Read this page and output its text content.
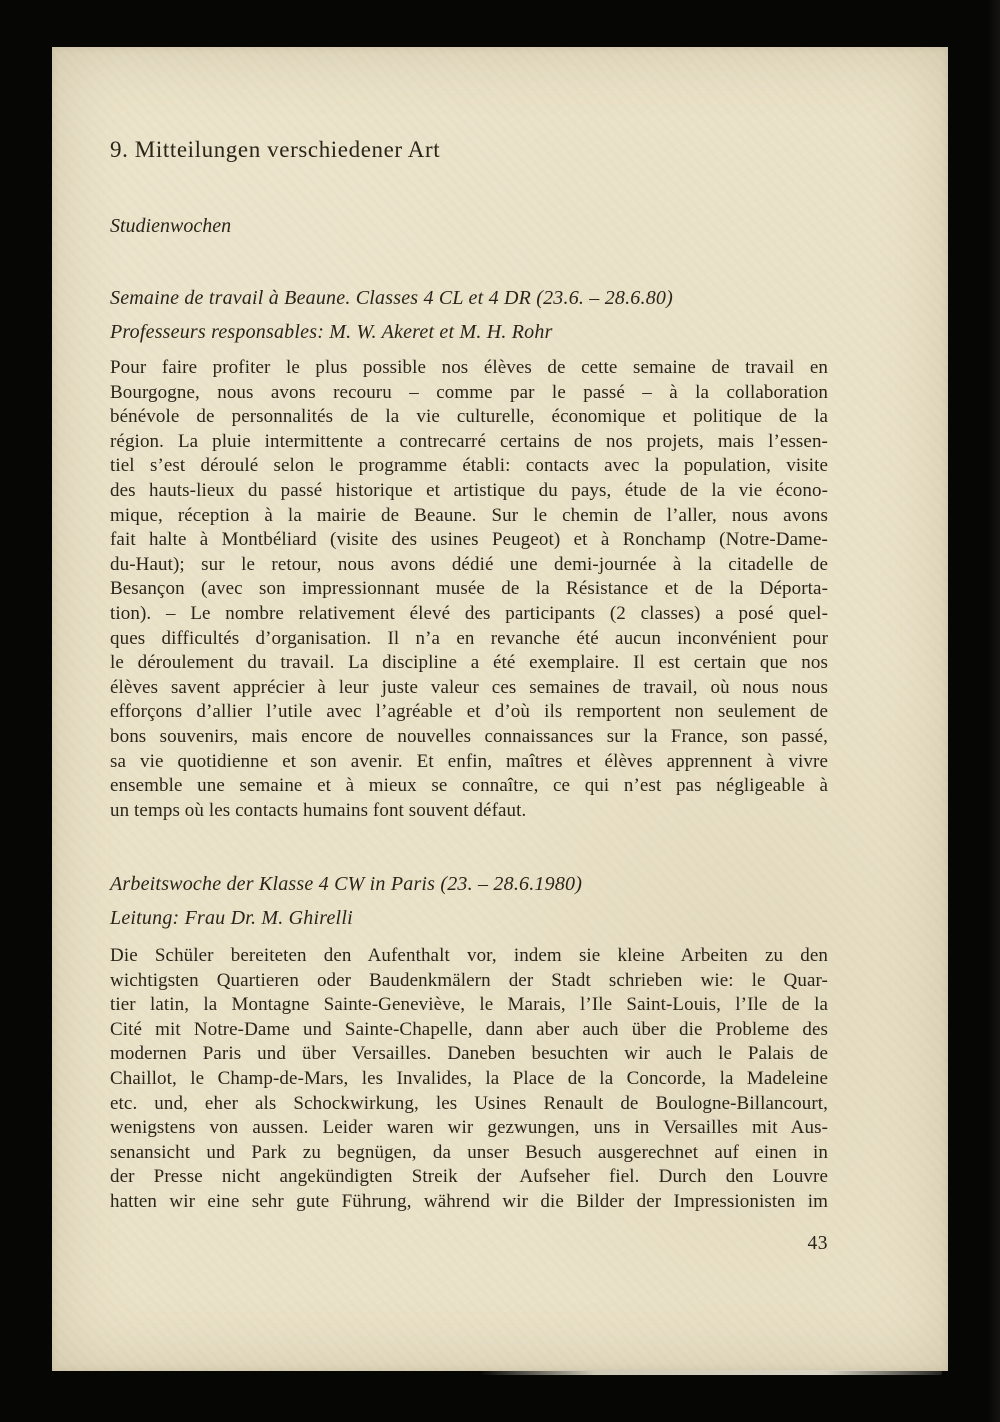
9. Mitteilungen verschiedener Art
Studienwochen
Semaine de travail à Beaune. Classes 4 CL et 4 DR (23.6. – 28.6.80)
Professeurs responsables: M. W. Akeret et M. H. Rohr
Pour faire profiter le plus possible nos élèves de cette semaine de travail en
Bourgogne, nous avons recouru – comme par le passé – à la collaboration
bénévole de personnalités de la vie culturelle, économique et politique de la
région. La pluie intermittente a contrecarré certains de nos projets, mais l’essen-
tiel s’est déroulé selon le programme établi: contacts avec la population, visite
des hauts-lieux du passé historique et artistique du pays, étude de la vie écono-
mique, réception à la mairie de Beaune. Sur le chemin de l’aller, nous avons
fait halte à Montbéliard (visite des usines Peugeot) et à Ronchamp (Notre-Dame-
du-Haut); sur le retour, nous avons dédié une demi-journée à la citadelle de
Besançon (avec son impressionnant musée de la Résistance et de la Déporta-
tion). – Le nombre relativement élevé des participants (2 classes) a posé quel-
ques difficultés d’organisation. Il n’a en revanche été aucun inconvénient pour
le déroulement du travail. La discipline a été exemplaire. Il est certain que nos
élèves savent apprécier à leur juste valeur ces semaines de travail, où nous nous
efforçons d’allier l’utile avec l’agréable et d’où ils remportent non seulement de
bons souvenirs, mais encore de nouvelles connaissances sur la France, son passé,
sa vie quotidienne et son avenir. Et enfin, maîtres et élèves apprennent à vivre
ensemble une semaine et à mieux se connaître, ce qui n’est pas négligeable à
un temps où les contacts humains font souvent défaut.
Arbeitswoche der Klasse 4 CW in Paris (23. – 28.6.1980)
Leitung: Frau Dr. M. Ghirelli
Die Schüler bereiteten den Aufenthalt vor, indem sie kleine Arbeiten zu den
wichtigsten Quartieren oder Baudenkmälern der Stadt schrieben wie: le Quar-
tier latin, la Montagne Sainte-Geneviève, le Marais, l’Ile Saint-Louis, l’Ile de la
Cité mit Notre-Dame und Sainte-Chapelle, dann aber auch über die Probleme des
modernen Paris und über Versailles. Daneben besuchten wir auch le Palais de
Chaillot, le Champ-de-Mars, les Invalides, la Place de la Concorde, la Madeleine
etc. und, eher als Schockwirkung, les Usines Renault de Boulogne-Billancourt,
wenigstens von aussen. Leider waren wir gezwungen, uns in Versailles mit Aus-
senansicht und Park zu begnügen, da unser Besuch ausgerechnet auf einen in
der Presse nicht angekündigten Streik der Aufseher fiel. Durch den Louvre
hatten wir eine sehr gute Führung, während wir die Bilder der Impressionisten im
43
